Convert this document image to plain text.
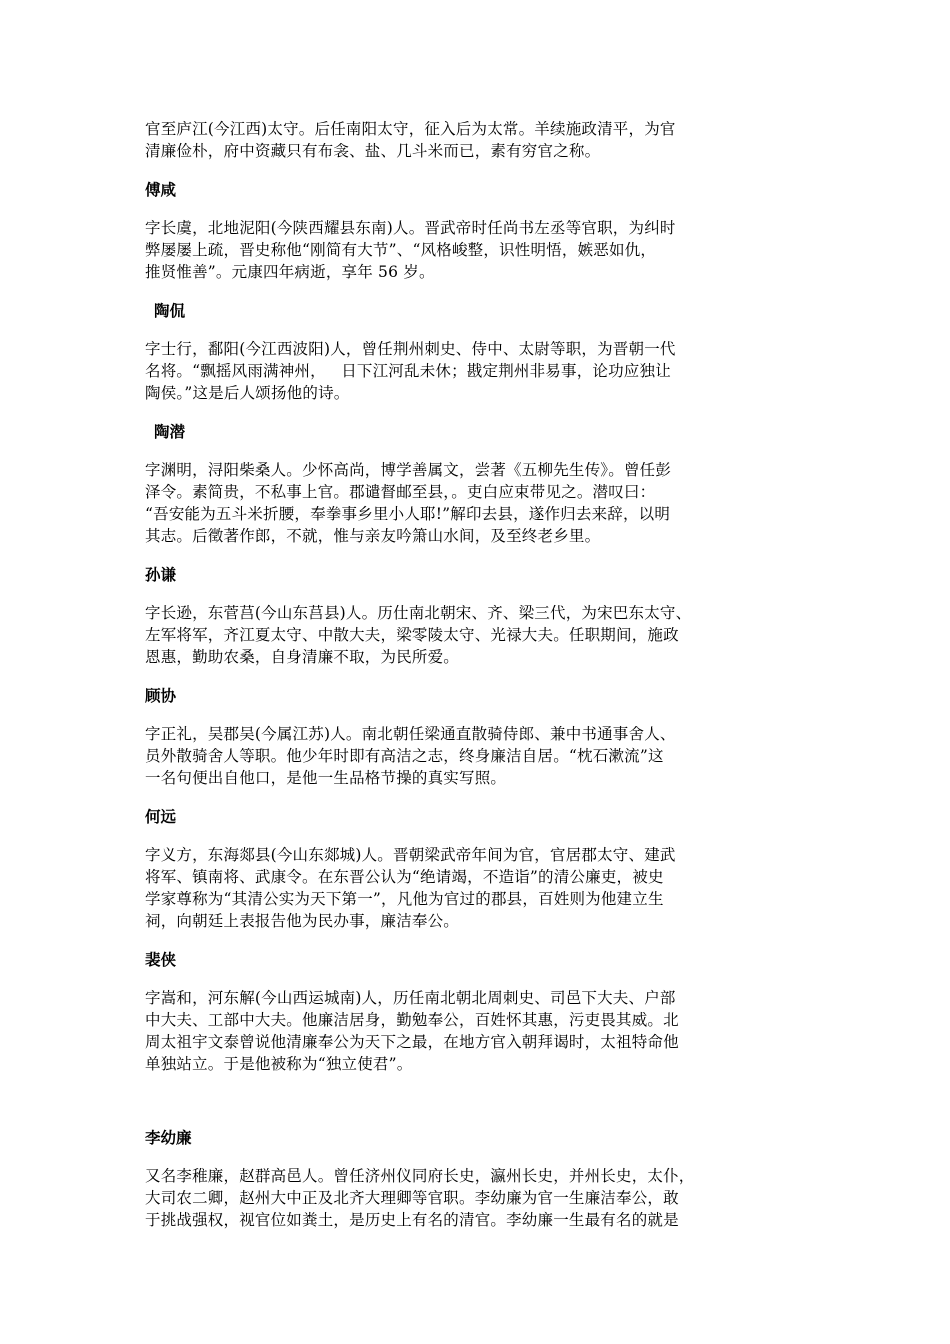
官至庐江(今江西)太守。后任南阳太守，征入后为太常。羊续施政清平，为官
清廉俭朴，府中资藏只有布衾、盐、几斗米而已，素有穷官之称。

傅咸

字长虞，北地泥阳(今陕西耀县东南)人。晋武帝时任尚书左丞等官职，为纠时
弊屡屡上疏，晋史称他“刚简有大节”、“风格峻整，识性明悟，嫉恶如仇，
推贤惟善”。元康四年病逝，享年 56 岁。

陶侃

字士行，鄱阳(今江西波阳)人，曾任荆州刺史、侍中、太尉等职，为晋朝一代
名将。“飘摇风雨满神州，   日下江河乱未休；戡定荆州非易事，论功应独让
陶侯。”这是后人颂扬他的诗。

陶潜

字渊明，浔阳柴桑人。少怀高尚，博学善属文，尝著《五柳先生传》。曾任彭
泽令。素简贵，不私事上官。郡谴督邮至县，。吏白应束带见之。潜叹曰：
“吾安能为五斗米折腰，奉拳事乡里小人耶!”解印去县，遂作归去来辞，以明
其志。后徵著作郎，不就，惟与亲友吟箫山水间，及至终老乡里。

孙谦

字长逊，东菅莒(今山东莒县)人。历仕南北朝宋、齐、梁三代，为宋巴东太守、
左军将军，齐江夏太守、中散大夫，梁零陵太守、光禄大夫。任职期间，施政
恩惠，勤助农桑，自身清廉不取，为民所爱。

顾协

字正礼，吴郡吴(今属江苏)人。南北朝任梁通直散骑侍郎、兼中书通事舍人、
员外散骑舍人等职。他少年时即有高洁之志，终身廉洁自居。“枕石漱流”这
一名句便出自他口，是他一生品格节操的真实写照。

何远

字义方，东海郯县(今山东郯城)人。晋朝梁武帝年间为官，官居郡太守、建武
将军、镇南将、武康令。在东晋公认为“绝请竭，不造诣”的清公廉吏，被史
学家尊称为“其清公实为天下第一”，凡他为官过的郡县，百姓则为他建立生
祠，向朝廷上表报告他为民办事，廉洁奉公。

裴侠

字嵩和，河东解(今山西运城南)人，历任南北朝北周刺史、司邑下大夫、户部
中大夫、工部中大夫。他廉洁居身，勤勉奉公，百姓怀其惠，污吏畏其威。北
周太祖宇文泰曾说他清廉奉公为天下之最，在地方官入朝拜谒时，太祖特命他
单独站立。于是他被称为“独立使君”。

李幼廉

又名李稚廉，赵群高邑人。曾任济州仪同府长史，瀛州长史，并州长史，太仆，
大司农二卿，赵州大中正及北齐大理卿等官职。李幼廉为官一生廉洁奉公，敢
于挑战强权，视官位如粪土，是历史上有名的清官。李幼廉一生最有名的就是
